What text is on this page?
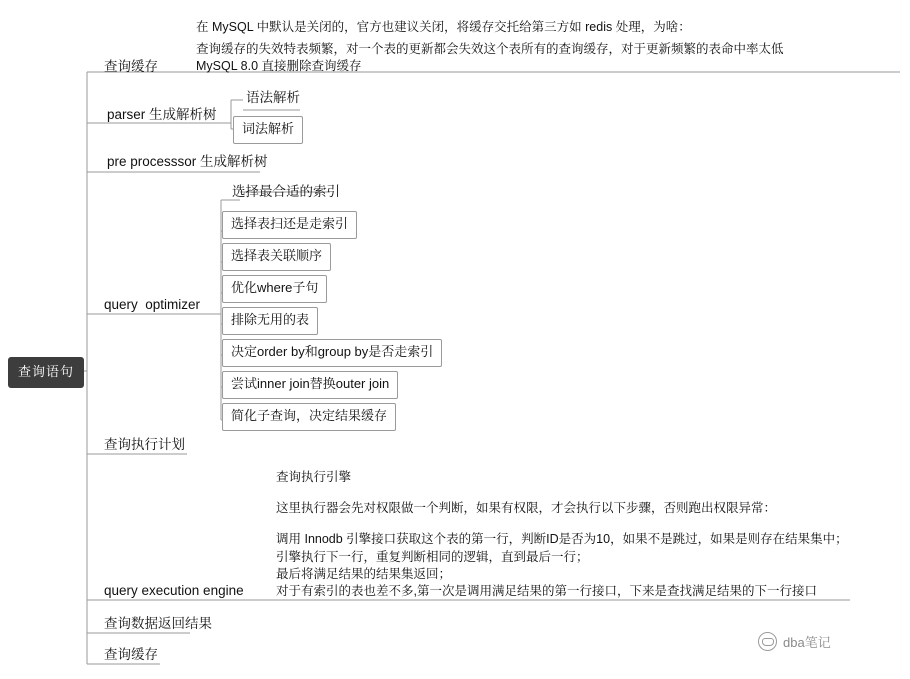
查询语句
查询缓存
在 MySQL 中默认是关闭的，官方也建议关闭，将缓存交托给第三方如 redis 处理，为啥：
查询缓存的失效特表频繁，对一个表的更新都会失效这个表所有的查询缓存，对于更新频繁的表命中率太低
MySQL 8.0 直接删除查询缓存
parser 生成解析树
语法解析
词法解析
pre processsor 生成解析树
query  optimizer
选择最合适的索引
选择表扫还是走索引
选择表关联顺序
优化where子句
排除无用的表
决定order by和group by是否走索引
尝试inner join替换outer join
简化子查询，决定结果缓存
查询执行计划
query execution engine
查询执行引擎
这里执行器会先对权限做一个判断，如果有权限，才会执行以下步骤，否则跑出权限异常：
调用 Innodb 引擎接口获取这个表的第一行，判断ID是否为10，如果不是跳过，如果是则存在结果集中；
引擎执行下一行，重复判断相同的逻辑，直到最后一行；
最后将满足结果的结果集返回；
对于有索引的表也差不多,第一次是调用满足结果的第一行接口，下来是查找满足结果的下一行接口
查询数据返回结果
查询缓存
dba笔记
